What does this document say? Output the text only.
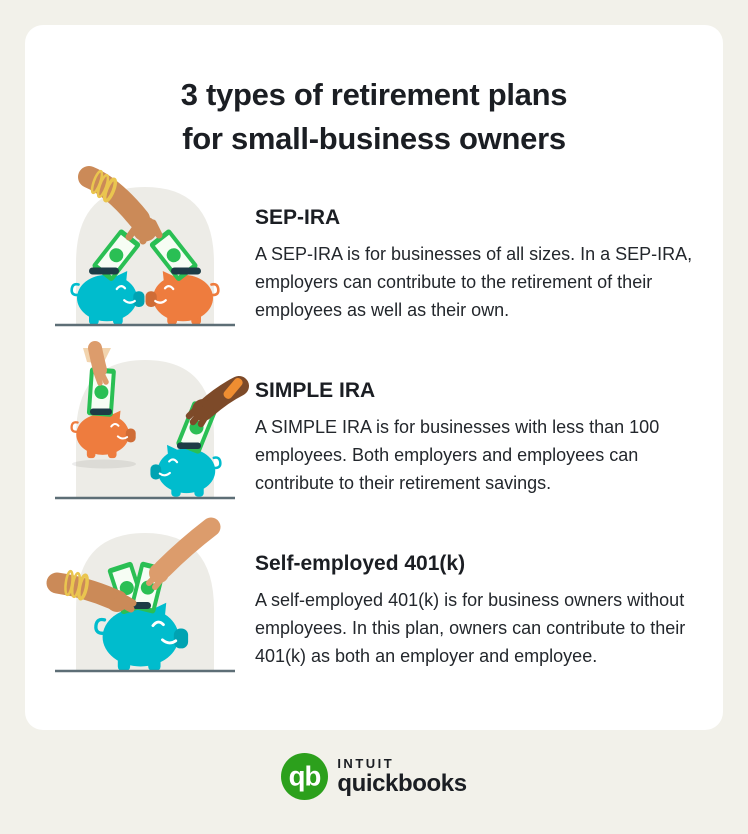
3 types of retirement plans
for small-business owners
SEP-IRA

A SEP-IRA is for businesses of all sizes. In a SEP-IRA, employers can contribute to the retirement of their employees as well as their own.

SIMPLE IRA

A SIMPLE IRA is for businesses with less than 100 employees. Both employers and employees can contribute to their retirement savings.

Self-employed 401(k)

A self-employed 401(k) is for business owners without employees. In this plan, owners can contribute to their 401(k) as both an employer and employee.

qb INTUIT
quickbooks
